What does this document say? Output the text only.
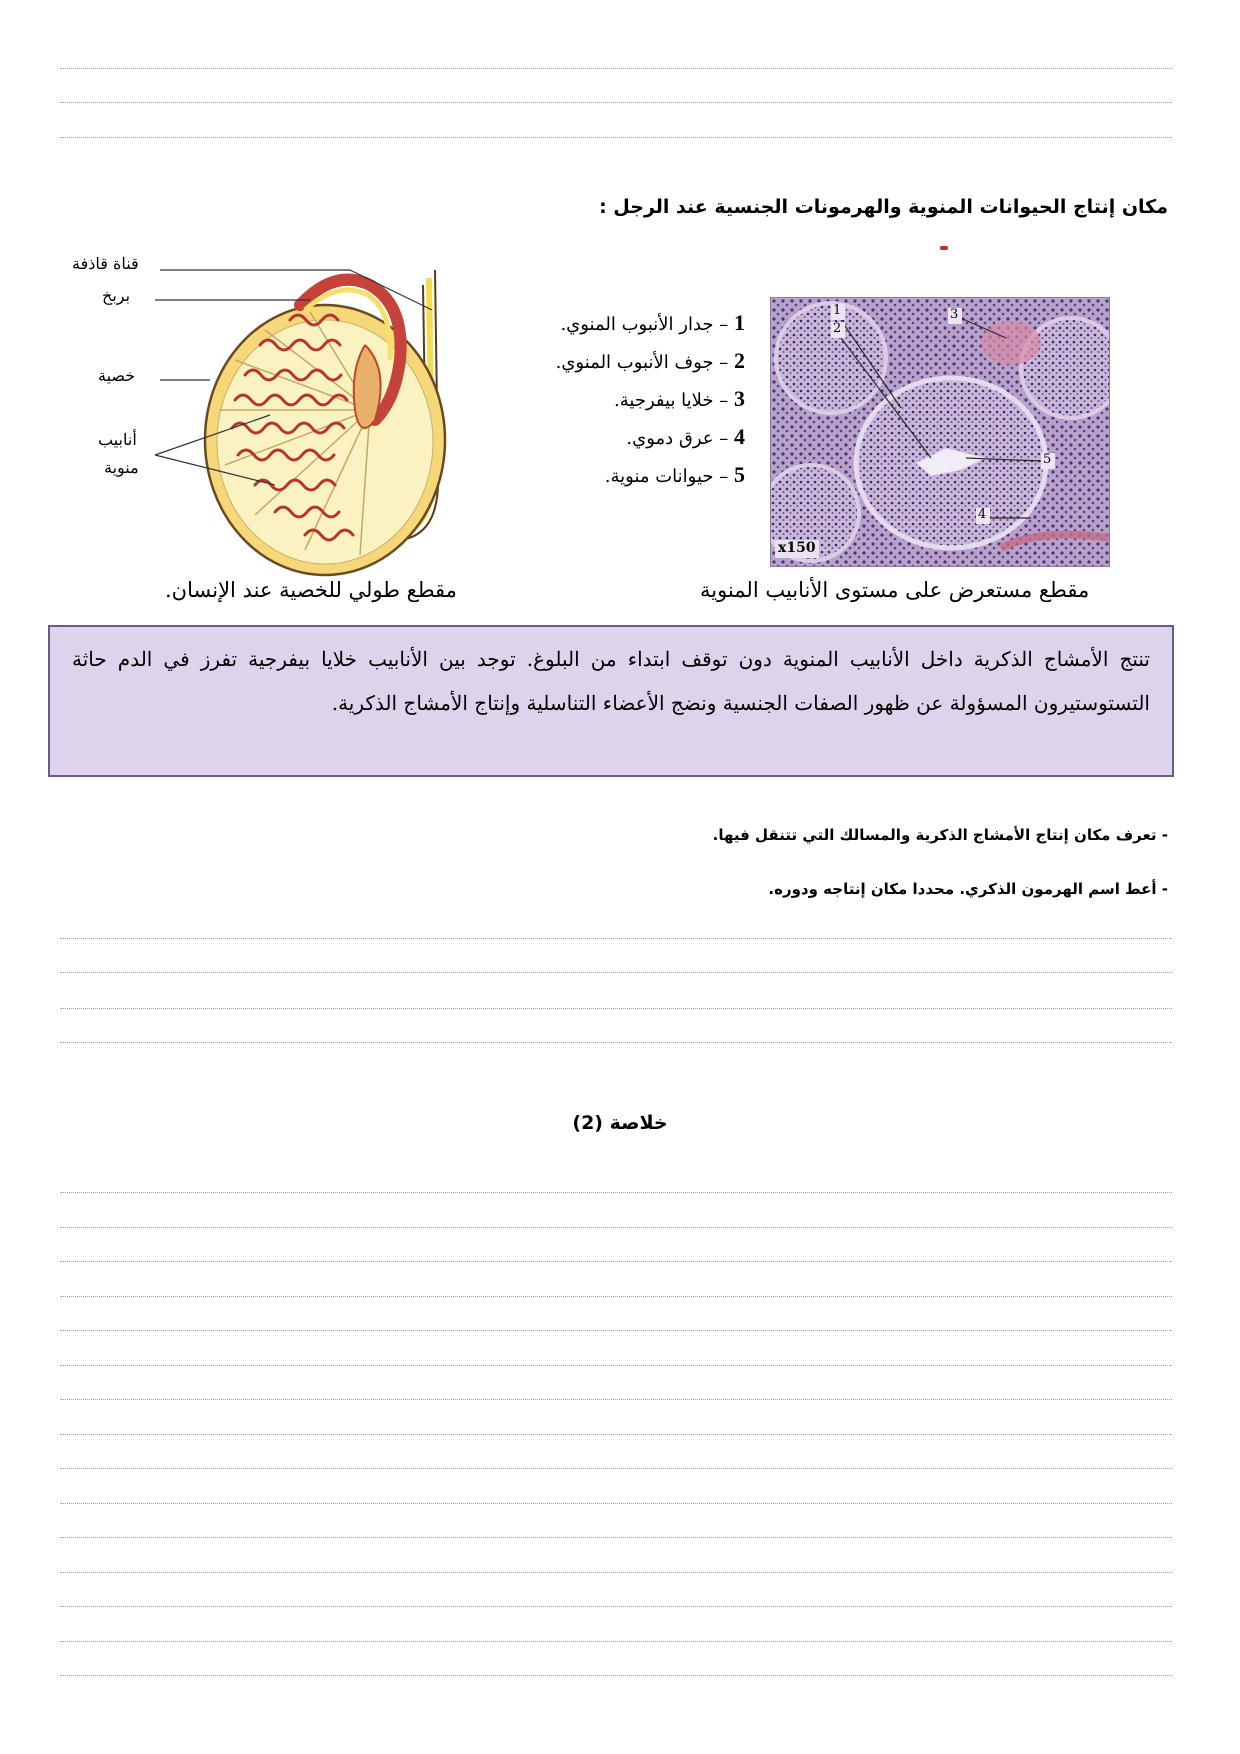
مكان إنتاج الحيوانات المنوية والهرمونات الجنسية عند الرجل :
قناة قاذفة
بربخ
خصية
أنابيب
منوية
مقطع طولي للخصية عند الإنسان.
1 – جدار الأنبوب المنوي.
2 – جوف الأنبوب المنوي.
3 – خلايا بيفرجية.
4 – عرق دموي.
5 – حيوانات منوية.
1
2
3
5
4
x150
مقطع مستعرض على مستوى الأنابيب المنوية
تنتج الأمشاج الذكرية داخل الأنابيب المنوية دون توقف ابتداء من البلوغ. توجد بين الأنابيب خلايا بيفرجية تفرز في الدم حاثة التستوستيرون المسؤولة عن ظهور الصفات الجنسية ونضج الأعضاء التناسلية وإنتاج الأمشاج الذكرية.
- تعرف مكان إنتاج الأمشاج الذكرية والمسالك التي تتنقل فيها.
- أعط اسم الهرمون الذكري. محددا مكان إنتاجه ودوره.
خلاصة (2)
